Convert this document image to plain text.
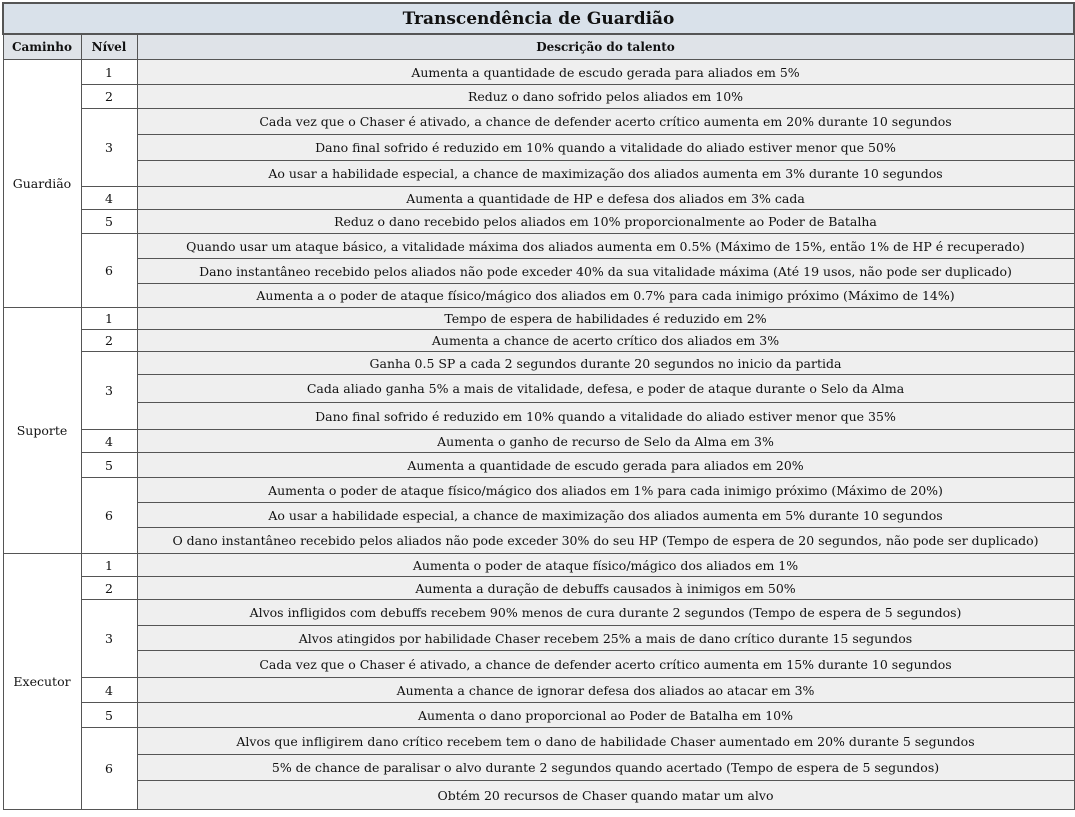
Transcendência de Guardião		
Caminho	Nível	Descrição do talento
Guardião	1	Aumenta a quantidade de escudo gerada para aliados em 5%
	2	Reduz o dano sofrido pelos aliados em 10%
	3	Cada vez que o Chaser é ativado, a chance de defender acerto crítico aumenta em 20% durante 10 segundos
		Dano final sofrido é reduzido em 10% quando a vitalidade do aliado estiver menor que 50%
		Ao usar a habilidade especial, a chance de maximização dos aliados aumenta em 3% durante 10 segundos
	4	Aumenta a quantidade de HP e defesa dos aliados em 3% cada
	5	Reduz o dano recebido pelos aliados em 10% proporcionalmente ao Poder de Batalha
	6	Quando usar um ataque básico, a vitalidade máxima dos aliados aumenta em 0.5% (Máximo de 15%, então 1% de HP é recuperado)
		Dano instantâneo recebido pelos aliados não pode exceder 40% da sua vitalidade máxima (Até 19 usos, não pode ser duplicado)
		Aumenta a o poder de ataque físico/mágico dos aliados em 0.7% para cada inimigo próximo (Máximo de 14%)
Suporte	1	Tempo de espera de habilidades é reduzido em 2%
	2	Aumenta a chance de acerto crítico dos aliados em 3%
	3	Ganha 0.5 SP a cada 2 segundos durante 20 segundos no inicio da partida
		Cada aliado ganha 5% a mais de vitalidade, defesa, e poder de ataque durante o Selo da Alma
		Dano final sofrido é reduzido em 10% quando a vitalidade do aliado estiver menor que 35%
	4	Aumenta o ganho de recurso de Selo da Alma em 3%
	5	Aumenta a quantidade de escudo gerada para aliados em 20%
	6	Aumenta o poder de ataque físico/mágico dos aliados em 1% para cada inimigo próximo (Máximo de 20%)
		Ao usar a habilidade especial, a chance de maximização dos aliados aumenta em 5% durante 10 segundos
		O dano instantâneo recebido pelos aliados não pode exceder 30% do seu HP (Tempo de espera de 20 segundos, não pode ser duplicado)
Executor	1	Aumenta o poder de ataque físico/mágico dos aliados em 1%
	2	Aumenta a duração de debuffs causados à inimigos em 50%
	3	Alvos infligidos com debuffs recebem 90% menos de cura durante 2 segundos (Tempo de espera de 5 segundos)
		Alvos atingidos por habilidade Chaser recebem 25% a mais de dano crítico durante 15 segundos
		Cada vez que o Chaser é ativado, a chance de defender acerto crítico aumenta em 15% durante 10 segundos
	4	Aumenta a chance de ignorar defesa dos aliados ao atacar em 3%
	5	Aumenta o dano proporcional ao Poder de Batalha em 10%
	6	Alvos que infligirem dano crítico recebem tem o dano de habilidade Chaser aumentado em 20% durante 5 segundos
		5% de chance de paralisar o alvo durante 2 segundos quando acertado (Tempo de espera de 5 segundos)
		Obtém 20 recursos de Chaser quando matar um alvo
